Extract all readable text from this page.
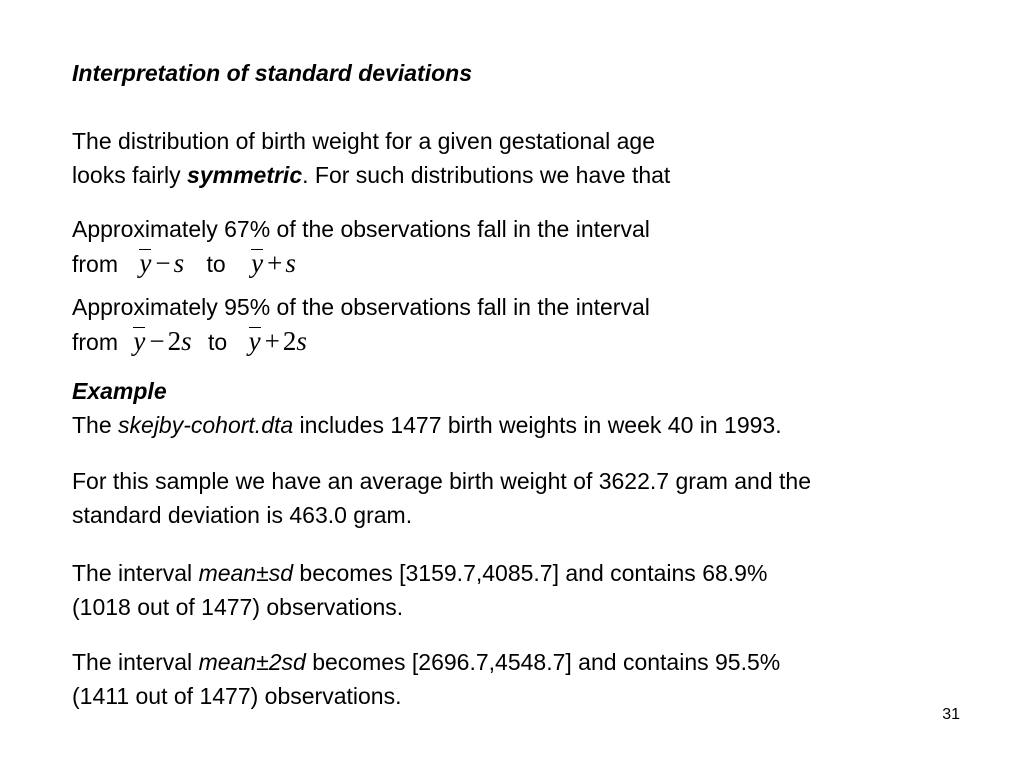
Interpretation of standard deviations
The distribution of birth weight for a given gestational age
looks fairly symmetric. For such distributions we have that
Approximately 67% of the observations fall in the interval
from y − s to y + s
Approximately 95% of the observations fall in the interval
from y − 2s to y + 2s
Example
The skejby-cohort.dta includes 1477 birth weights in week 40 in 1993.
For this sample we have an average birth weight of 3622.7 gram and the
standard deviation is 463.0 gram.
The interval mean±sd becomes [3159.7,4085.7] and contains 68.9%
(1018 out of 1477) observations.
The interval mean±2sd becomes [2696.7,4548.7] and contains 95.5%
(1411 out of 1477) observations.
31
